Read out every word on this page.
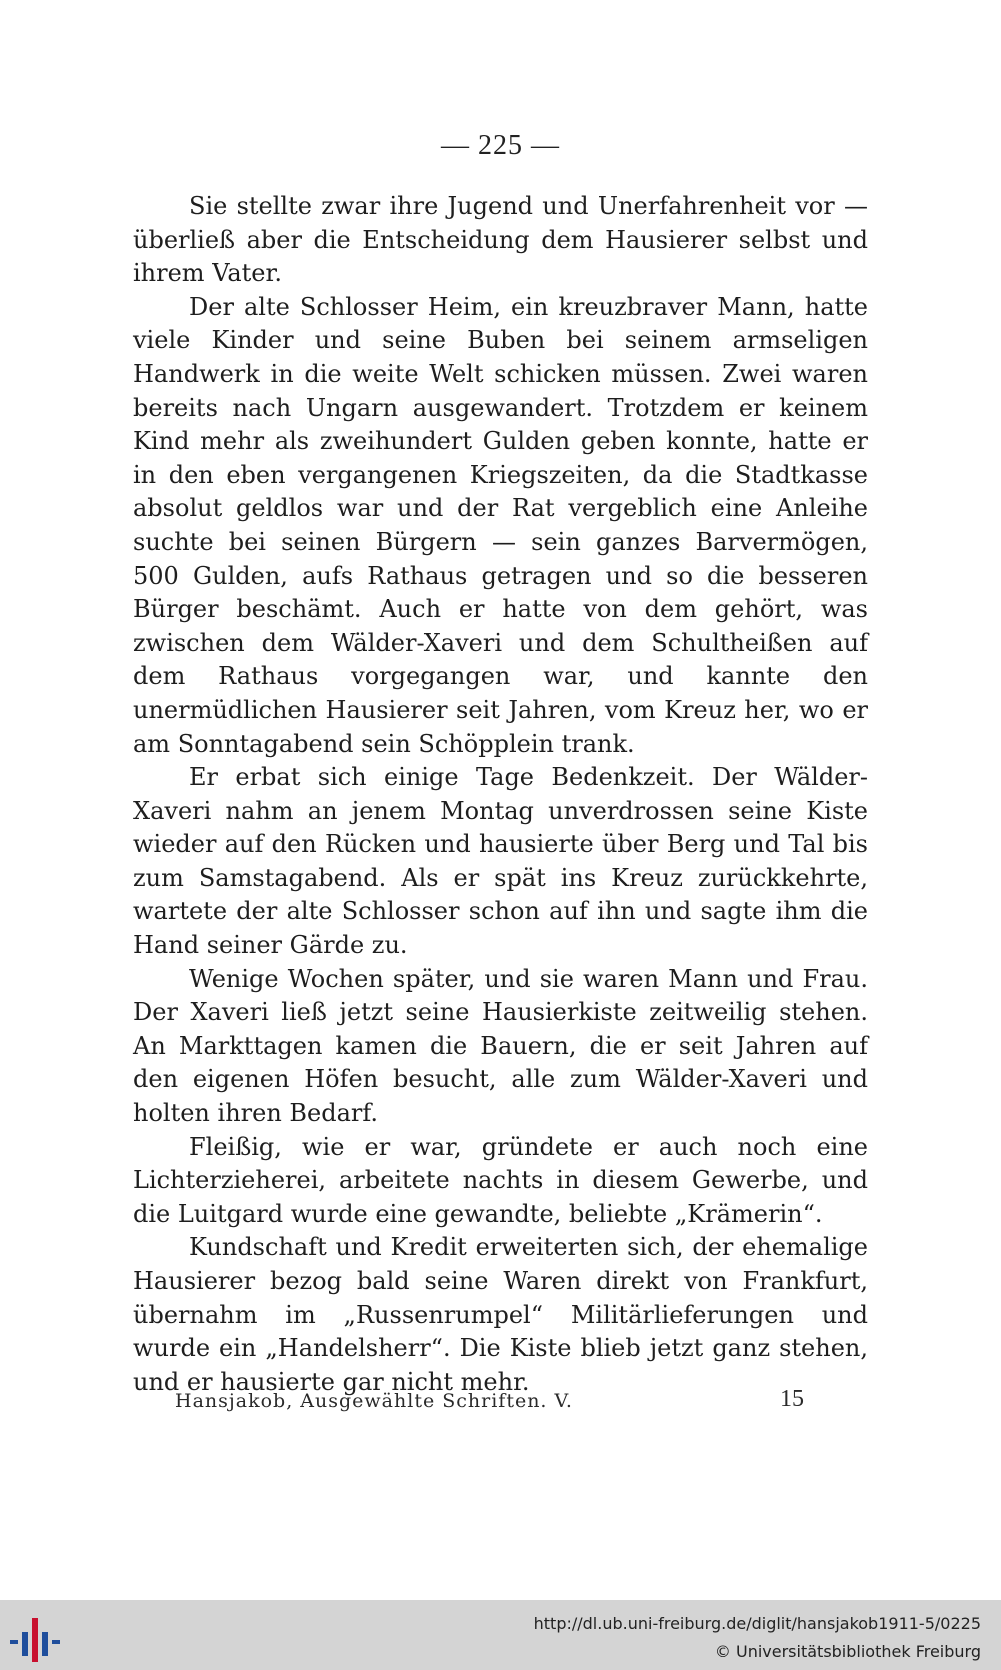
— 225 —

Sie stellte zwar ihre Jugend und Unerfahrenheit vor — überließ aber die Entscheidung dem Hausierer selbst und ihrem Vater.

Der alte Schlosser Heim, ein kreuzbraver Mann, hatte viele Kinder und seine Buben bei seinem armseligen Handwerk in die weite Welt schicken müssen. Zwei waren bereits nach Ungarn ausgewandert. Trotzdem er keinem Kind mehr als zweihundert Gulden geben konnte, hatte er in den eben vergangenen Kriegszeiten, da die Stadtkasse absolut geldlos war und der Rat vergeblich eine Anleihe suchte bei seinen Bürgern — sein ganzes Barvermögen, 500 Gulden, aufs Rathaus getragen und so die besseren Bürger beschämt. Auch er hatte von dem gehört, was zwischen dem Wälder-Xaveri und dem Schultheißen auf dem Rathaus vorgegangen war, und kannte den unermüdlichen Hausierer seit Jahren, vom Kreuz her, wo er am Sonntagabend sein Schöpplein trank.

Er erbat sich einige Tage Bedenkzeit. Der Wälder-Xaveri nahm an jenem Montag unverdrossen seine Kiste wieder auf den Rücken und hausierte über Berg und Tal bis zum Samstagabend. Als er spät ins Kreuz zurückkehrte, wartete der alte Schlosser schon auf ihn und sagte ihm die Hand seiner Gärde zu.

Wenige Wochen später, und sie waren Mann und Frau. Der Xaveri ließ jetzt seine Hausierkiste zeitweilig stehen. An Markttagen kamen die Bauern, die er seit Jahren auf den eigenen Höfen besucht, alle zum Wälder-Xaveri und holten ihren Bedarf.

Fleißig, wie er war, gründete er auch noch eine Lichterzieherei, arbeitete nachts in diesem Gewerbe, und die Luitgard wurde eine gewandte, beliebte „Krämerin“.

Kundschaft und Kredit erweiterten sich, der ehemalige Hausierer bezog bald seine Waren direkt von Frankfurt, übernahm im „Russenrumpel“ Militärlieferungen und wurde ein „Handelsherr“. Die Kiste blieb jetzt ganz stehen, und er hausierte gar nicht mehr.

Hansjakob, Ausgewählte Schriften. V.	15
http://dl.ub.uni-freiburg.de/diglit/hansjakob1911-5/0225
© Universitätsbibliothek Freiburg
